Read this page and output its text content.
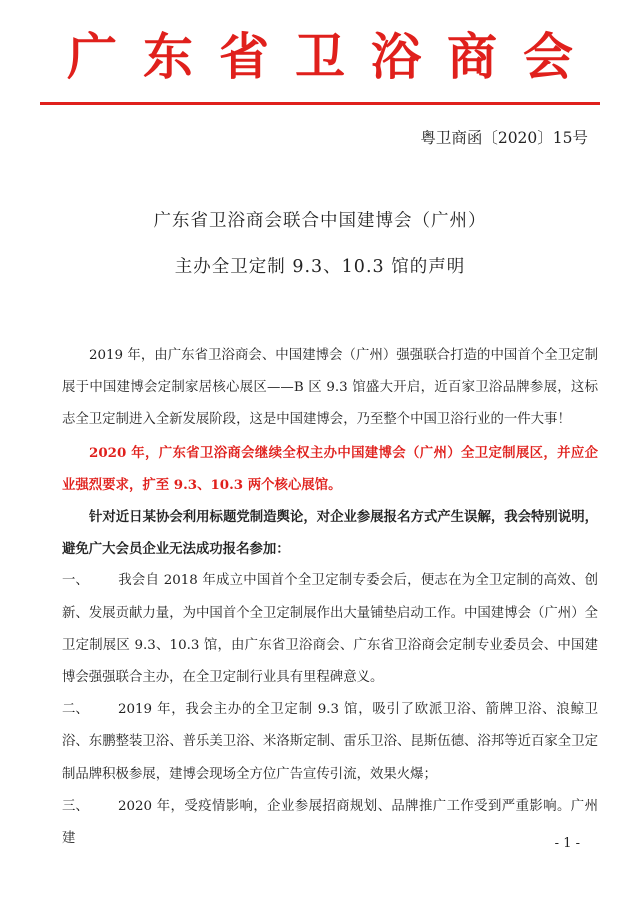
广东省卫浴商会
粤卫商函〔2020〕15号
广东省卫浴商会联合中国建博会（广州）
主办全卫定制 9.3、10.3 馆的声明

2019 年，由广东省卫浴商会、中国建博会（广州）强强联合打造的中国首个全卫定制展于中国建博会定制家居核心展区——B 区 9.3 馆盛大开启，近百家卫浴品牌参展，这标志全卫定制进入全新发展阶段，这是中国建博会，乃至整个中国卫浴行业的一件大事！

2020 年，广东省卫浴商会继续全权主办中国建博会（广州）全卫定制展区，并应企业强烈要求，扩至 9.3、10.3 两个核心展馆。

针对近日某协会利用标题党制造舆论，对企业参展报名方式产生误解，我会特别说明，避免广大会员企业无法成功报名参加：

一、 我会自 2018 年成立中国首个全卫定制专委会后，便志在为全卫定制的高效、创新、发展贡献力量，为中国首个全卫定制展作出大量铺垫启动工作。中国建博会（广州）全卫定制展区 9.3、10.3 馆，由广东省卫浴商会、广东省卫浴商会定制专业委员会、中国建博会强强联合主办，在全卫定制行业具有里程碑意义。

二、 2019 年，我会主办的全卫定制 9.3 馆，吸引了欧派卫浴、箭牌卫浴、浪鲸卫浴、东鹏整装卫浴、普乐美卫浴、米洛斯定制、雷乐卫浴、昆斯伍德、浴邦等近百家全卫定制品牌积极参展，建博会现场全方位广告宣传引流，效果火爆；

三、 2020 年，受疫情影响，企业参展招商规划、品牌推广工作受到严重影响。广州建	- 1 -
